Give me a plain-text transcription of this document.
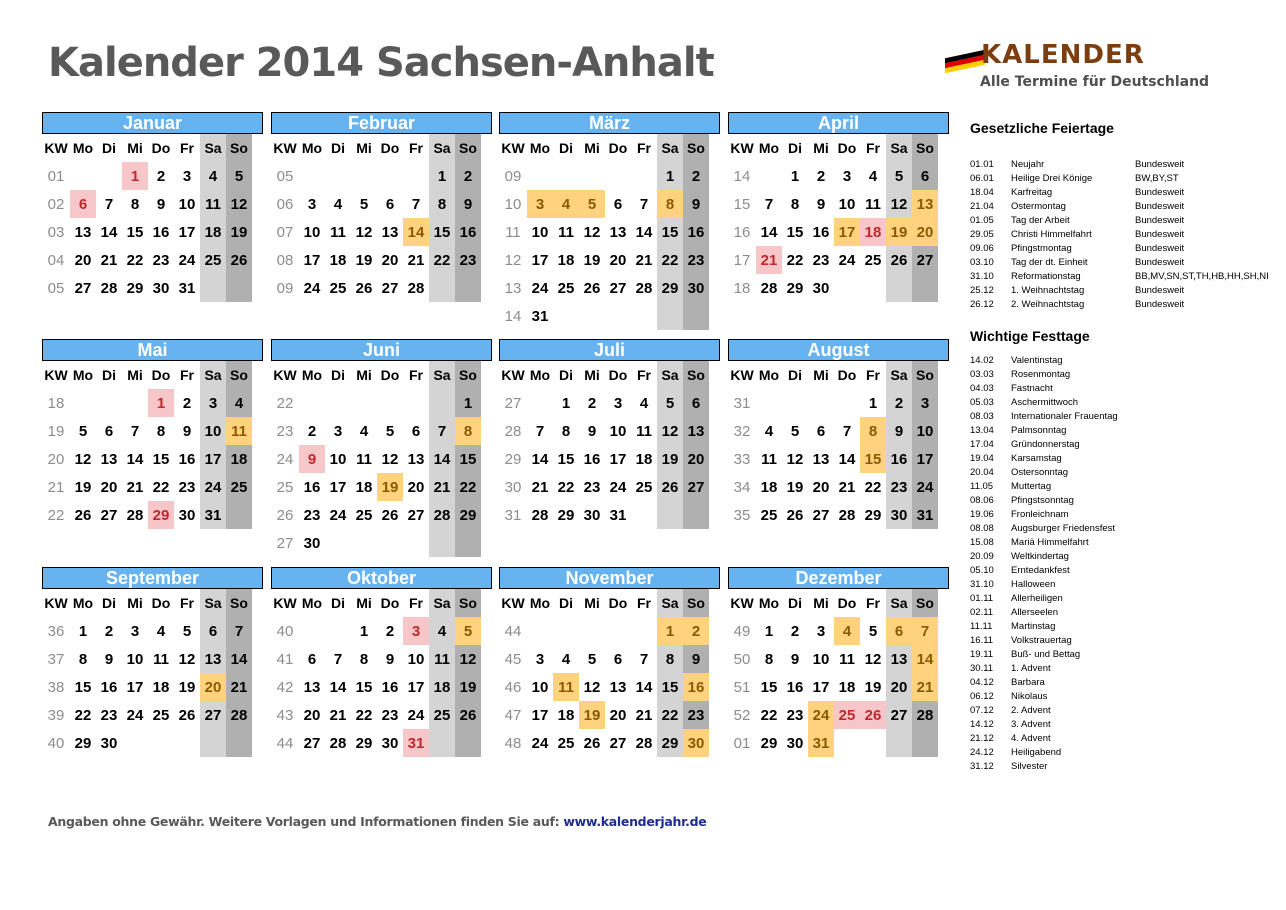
Kalender 2014 Sachsen-Anhalt	KALENDER
Alle Termine für Deutschland
Januar
KW	Mo	Di	Mi	Do	Fr	Sa	So
01			1	2	3	4	5
02	6	7	8	9	10	11	12
03	13	14	15	16	17	18	19
04	20	21	22	23	24	25	26
05	27	28	29	30	31		
Februar
KW	Mo	Di	Mi	Do	Fr	Sa	So
05						1	2
06	3	4	5	6	7	8	9
07	10	11	12	13	14	15	16
08	17	18	19	20	21	22	23
09	24	25	26	27	28		
März
KW	Mo	Di	Mi	Do	Fr	Sa	So
09						1	2
10	3	4	5	6	7	8	9
11	10	11	12	13	14	15	16
12	17	18	19	20	21	22	23
13	24	25	26	27	28	29	30
14	31						
April
KW	Mo	Di	Mi	Do	Fr	Sa	So
14		1	2	3	4	5	6
15	7	8	9	10	11	12	13
16	14	15	16	17	18	19	20
17	21	22	23	24	25	26	27
18	28	29	30				
Mai
KW	Mo	Di	Mi	Do	Fr	Sa	So
18				1	2	3	4
19	5	6	7	8	9	10	11
20	12	13	14	15	16	17	18
21	19	20	21	22	23	24	25
22	26	27	28	29	30	31	
Juni
KW	Mo	Di	Mi	Do	Fr	Sa	So
22							1
23	2	3	4	5	6	7	8
24	9	10	11	12	13	14	15
25	16	17	18	19	20	21	22
26	23	24	25	26	27	28	29
27	30						
Juli
KW	Mo	Di	Mi	Do	Fr	Sa	So
27		1	2	3	4	5	6
28	7	8	9	10	11	12	13
29	14	15	16	17	18	19	20
30	21	22	23	24	25	26	27
31	28	29	30	31			
August
KW	Mo	Di	Mi	Do	Fr	Sa	So
31					1	2	3
32	4	5	6	7	8	9	10
33	11	12	13	14	15	16	17
34	18	19	20	21	22	23	24
35	25	26	27	28	29	30	31
September
KW	Mo	Di	Mi	Do	Fr	Sa	So
36	1	2	3	4	5	6	7
37	8	9	10	11	12	13	14
38	15	16	17	18	19	20	21
39	22	23	24	25	26	27	28
40	29	30					
Oktober
KW	Mo	Di	Mi	Do	Fr	Sa	So
40			1	2	3	4	5
41	6	7	8	9	10	11	12
42	13	14	15	16	17	18	19
43	20	21	22	23	24	25	26
44	27	28	29	30	31		
November
KW	Mo	Di	Mi	Do	Fr	Sa	So
44						1	2
45	3	4	5	6	7	8	9
46	10	11	12	13	14	15	16
47	17	18	19	20	21	22	23
48	24	25	26	27	28	29	30
Dezember
KW	Mo	Di	Mi	Do	Fr	Sa	So
49	1	2	3	4	5	6	7
50	8	9	10	11	12	13	14
51	15	16	17	18	19	20	21
52	22	23	24	25	26	27	28
01	29	30	31				
Gesetzliche Feiertage
01.01 Neujahr	Bundesweit
06.01 Heilige Drei Könige	BW,BY,ST
18.04 Karfreitag	Bundesweit
21.04 Ostermontag	Bundesweit
01.05 Tag der Arbeit	Bundesweit
29.05 Christi Himmelfahrt	Bundesweit
09.06 Pfingstmontag	Bundesweit
03.10 Tag der dt. Einheit	Bundesweit
31.10 Reformationstag	BB,MV,SN,ST,TH,HB,HH,SH,NI
25.12 1. Weihnachtstag	Bundesweit
26.12 2. Weihnachtstag	Bundesweit
Wichtige Festtage
14.02 Valentinstag
03.03 Rosenmontag
04.03 Fastnacht
05.03 Aschermittwoch
08.03 Internationaler Frauentag
13.04 Palmsonntag
17.04 Gründonnerstag
19.04 Karsamstag
20.04 Ostersonntag
11.05 Muttertag
08.06 Pfingstsonntag
19.06 Fronleichnam
08.08 Augsburger Friedensfest
15.08 Mariä Himmelfahrt
20.09 Weltkindertag
05.10 Erntedankfest
31.10 Halloween
01.11 Allerheiligen
02.11 Allerseelen
11.11 Martinstag
16.11 Volkstrauertag
19.11 Buß- und Bettag
30.11 1. Advent
04.12 Barbara
06.12 Nikolaus
07.12 2. Advent
14.12 3. Advent
21.12 4. Advent
24.12 Heiligabend
31.12 Silvester
Angaben ohne Gewähr. Weitere Vorlagen und Informationen finden Sie auf: www.kalenderjahr.de
